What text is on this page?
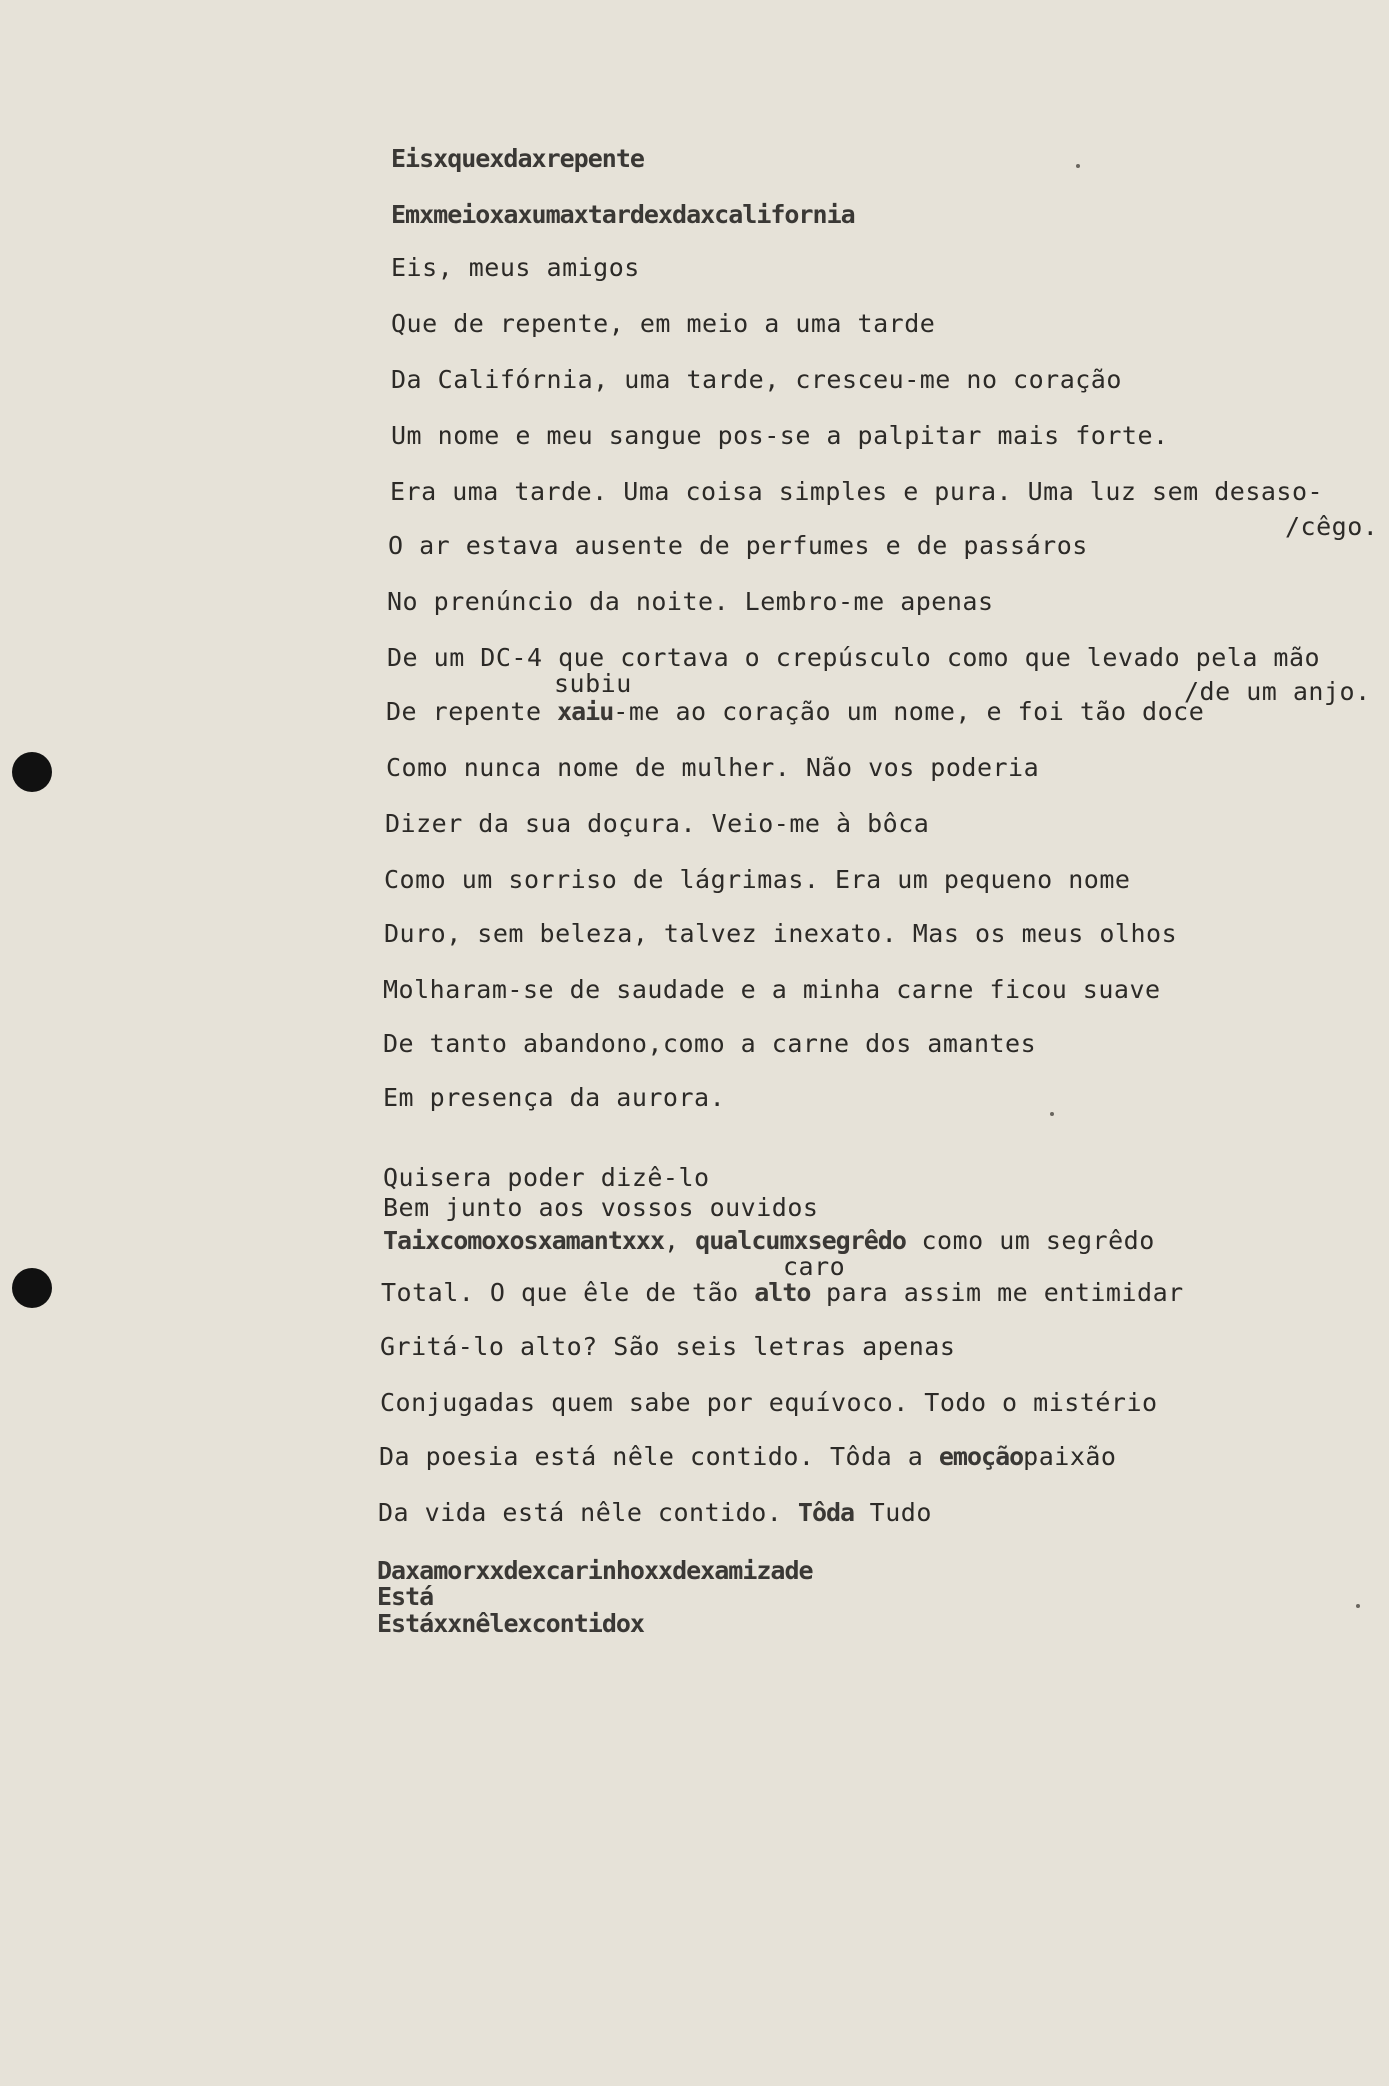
Eisxquexdaxrepente
Emxmeioxaxumaxtardexdaxcalifornia
Eis, meus amigos
Que de repente, em meio a uma tarde
Da Califórnia, uma tarde, cresceu-me no coração
Um nome e meu sangue pos-se a palpitar mais forte.
Era uma tarde. Uma coisa simples e pura. Uma luz sem desaso-
/cêgo.
O ar estava ausente de perfumes e de passáros
No prenúncio da noite. Lembro-me apenas
De um DC-4 que cortava o crepúsculo como que levado pela mão
subiu	/de um anjo.
De repente xaiu-me ao coração um nome, e foi tão doce
Como nunca nome de mulher. Não vos poderia
Dizer da sua doçura. Veio-me à bôca
Como um sorriso de lágrimas. Era um pequeno nome
Duro, sem beleza, talvez inexato. Mas os meus olhos
Molharam-se de saudade e a minha carne ficou suave
De tanto abandono,como a carne dos amantes
Em presença da aurora.
Quisera poder dizê-lo
Bem junto aos vossos ouvidos
Taixcomoxosxamantxxx, qualcumxsegrêdo como um segrêdo
caro
Total. O que êle de tão alto para assim me entimidar
Gritá-lo alto? São seis letras apenas
Conjugadas quem sabe por equívoco. Todo o mistério
Da poesia está nêle contido. Tôda a emoçãopaixão
Da vida está nêle contido. Tôda Tudo
Daxamorxxdexcarinhoxxdexamizade
Está
Estáxxnêlexcontidox
